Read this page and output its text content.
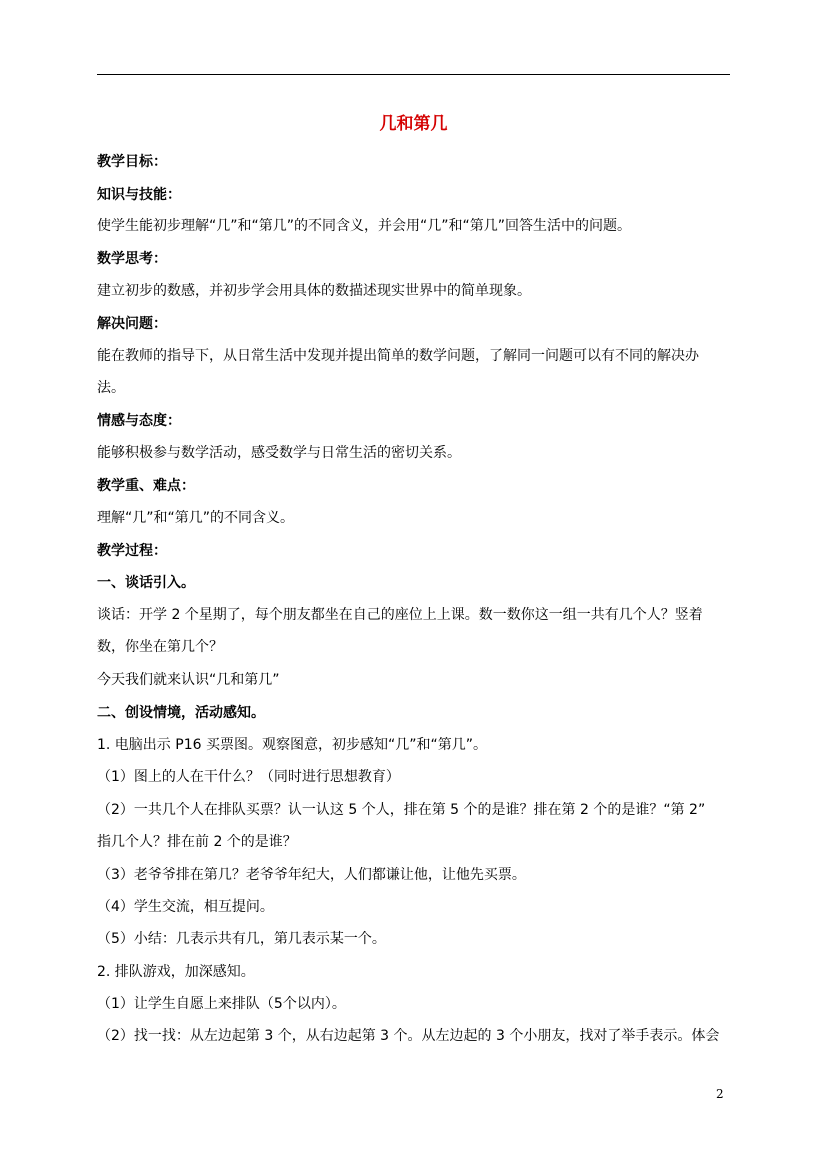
几和第几
教学目标：
知识与技能：
使学生能初步理解“几”和“第几”的不同含义，并会用“几”和“第几”回答生活中的问题。
数学思考：
建立初步的数感，并初步学会用具体的数描述现实世界中的简单现象。
解决问题：
能在教师的指导下，从日常生活中发现并提出简单的数学问题，了解同一问题可以有不同的解决办
法。
情感与态度：
能够积极参与数学活动，感受数学与日常生活的密切关系。
教学重、难点：
理解“几”和“第几”的不同含义。
教学过程：
一、谈话引入。
谈话：开学 2 个星期了，每个朋友都坐在自己的座位上上课。数一数你这一组一共有几个人？竖着
数，你坐在第几个？
今天我们就来认识“几和第几”
二、创设情境，活动感知。
1. 电脑出示 P16 买票图。观察图意，初步感知“几”和“第几”。
（1）图上的人在干什么？（同时进行思想教育）
（2）一共几个人在排队买票？认一认这 5 个人，排在第 5 个的是谁？排在第 2 个的是谁？“第 2”
指几个人？排在前 2 个的是谁？
（3）老爷爷排在第几？老爷爷年纪大，人们都谦让他，让他先买票。
（4）学生交流，相互提问。
（5）小结：几表示共有几，第几表示某一个。
2. 排队游戏，加深感知。
（1）让学生自愿上来排队（5个以内）。
（2）找一找：从左边起第 3 个，从右边起第 3 个。从左边起的 3 个小朋友，找对了举手表示。体会
2
